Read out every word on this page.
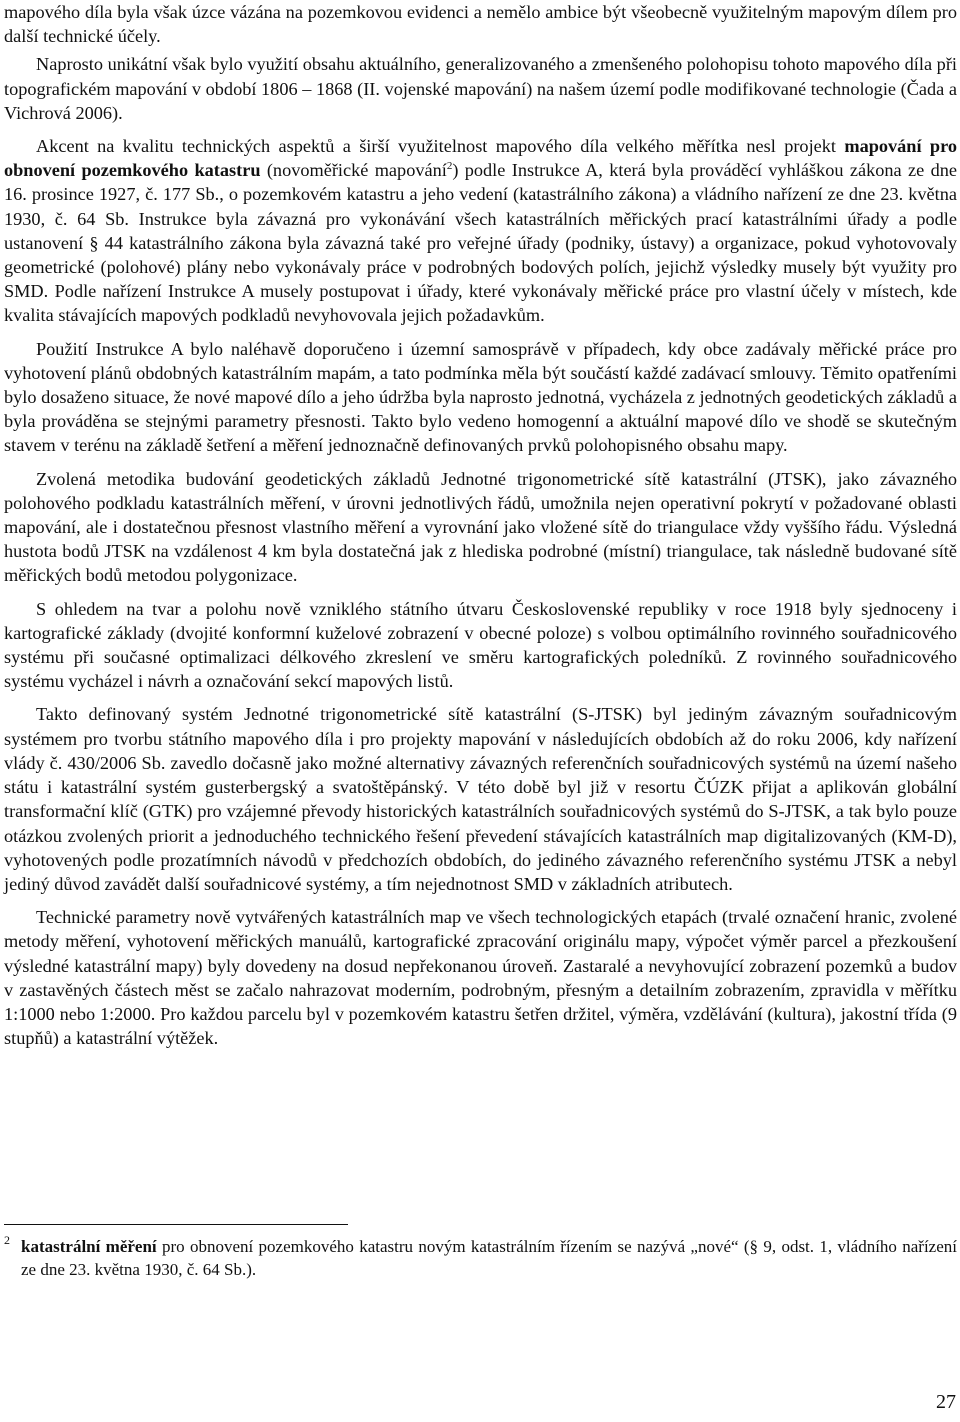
mapového díla byla však úzce vázána na pozemkovou evidenci a nemělo ambice být všeobecně využitelným mapovým dílem pro další technické účely.

Naprosto unikátní však bylo využití obsahu aktuálního, generalizovaného a zmenšeného polohopisu tohoto mapového díla při topografickém mapování v období 1806 – 1868 (II. vojenské mapování) na našem území podle modifikované technologie (Čada a Vichrová 2006).

Akcent na kvalitu technických aspektů a širší využitelnost mapového díla velkého měřítka nesl projekt mapování pro obnovení pozemkového katastru (novoměřické mapování$^2$) podle Instrukce A, která byla prováděcí vyhláškou zákona ze dne 16. prosince 1927, č. 177 Sb., o pozemkovém katastru a jeho vedení (katastrálního zákona) a vládního nařízení ze dne 23. května 1930, č. 64 Sb. Instrukce byla závazná pro vykonávání všech katastrálních měřických prací katastrálními úřady a podle ustanovení § 44 katastrálního zákona byla závazná také pro veřejné úřady (podniky, ústavy) a organizace, pokud vyhotovovaly geometrické (polohové) plány nebo vykonávaly práce v podrobných bodových polích, jejichž výsledky musely být využity pro SMD. Podle nařízení Instrukce A musely postupovat i úřady, které vykonávaly měřické práce pro vlastní účely v místech, kde kvalita stávajících mapových podkladů nevyhovovala jejich požadavkům.

Použití Instrukce A bylo naléhavě doporučeno i územní samosprávě v případech, kdy obce zadávaly měřické práce pro vyhotovení plánů obdobných katastrálním mapám, a tato podmínka měla být součástí každé zadávací smlouvy. Těmito opatřeními bylo dosaženo situace, že nové mapové dílo a jeho údržba byla naprosto jednotná, vycházela z jednotných geodetických základů a byla prováděna se stejnými parametry přesnosti. Takto bylo vedeno homogenní a aktuální mapové dílo ve shodě se skutečným stavem v terénu na základě šetření a měření jednoznačně definovaných prvků polohopisného obsahu mapy.

Zvolená metodika budování geodetických základů Jednotné trigonometrické sítě katastrální (JTSK), jako závazného polohového podkladu katastrálních měření, v úrovni jednotlivých řádů, umožnila nejen operativní pokrytí v požadované oblasti mapování, ale i dostatečnou přesnost vlastního měření a vyrovnání jako vložené sítě do triangulace vždy vyššího řádu. Výsledná hustota bodů JTSK na vzdálenost 4 km byla dostatečná jak z hlediska podrobné (místní) triangulace, tak následně budované sítě měřických bodů metodou polygonizace.

S ohledem na tvar a polohu nově vzniklého státního útvaru Československé republiky v roce 1918 byly sjednoceny i kartografické základy (dvojité konformní kuželové zobrazení v obecné poloze) s volbou optimálního rovinného souřadnicového systému při současné optimalizaci délkového zkreslení ve směru kartografických poledníků. Z rovinného souřadnicového systému vycházel i návrh a označování sekcí mapových listů.

Takto definovaný systém Jednotné trigonometrické sítě katastrální (S-JTSK) byl jediným závazným souřadnicovým systémem pro tvorbu státního mapového díla i pro projekty mapování v následujících obdobích až do roku 2006, kdy nařízení vlády č. 430/2006 Sb. zavedlo dočasně jako možné alternativy závazných referenčních souřadnicových systémů na území našeho státu i katastrální systém gusterbergský a svatoštěpánský. V této době byl již v resortu ČÚZK přijat a aplikován globální transformační klíč (GTK) pro vzájemné převody historických katastrálních souřadnicových systémů do S-JTSK, a tak bylo pouze otázkou zvolených priorit a jednoduchého technického řešení převedení stávajících katastrálních map digitalizovaných (KM-D), vyhotovených podle prozatímních návodů v předchozích obdobích, do jediného závazného referenčního systému JTSK a nebyl jediný důvod zavádět další souřadnicové systémy, a tím nejednotnost SMD v základních atributech.

Technické parametry nově vytvářených katastrálních map ve všech technologických etapách (trvalé označení hranic, zvolené metody měření, vyhotovení měřických manuálů, kartografické zpracování originálu mapy, výpočet výměr parcel a přezkoušení výsledné katastrální mapy) byly dovedeny na dosud nepřekonanou úroveň. Zastaralé a nevyhovující zobrazení pozemků a budov v zastavěných částech měst se začalo nahrazovat moderním, podrobným, přesným a detailním zobrazením, zpravidla v měřítku 1:1000 nebo 1:2000. Pro každou parcelu byl v pozemkovém katastru šetřen držitel, výměra, vzdělávání (kultura), jakostní třída (9 stupňů) a katastrální výtěžek.

2 katastrální měření pro obnovení pozemkového katastru novým katastrálním řízením se nazývá „nové“ (§ 9, odst. 1, vládního nařízení ze dne 23. května 1930, č. 64 Sb.).
27
